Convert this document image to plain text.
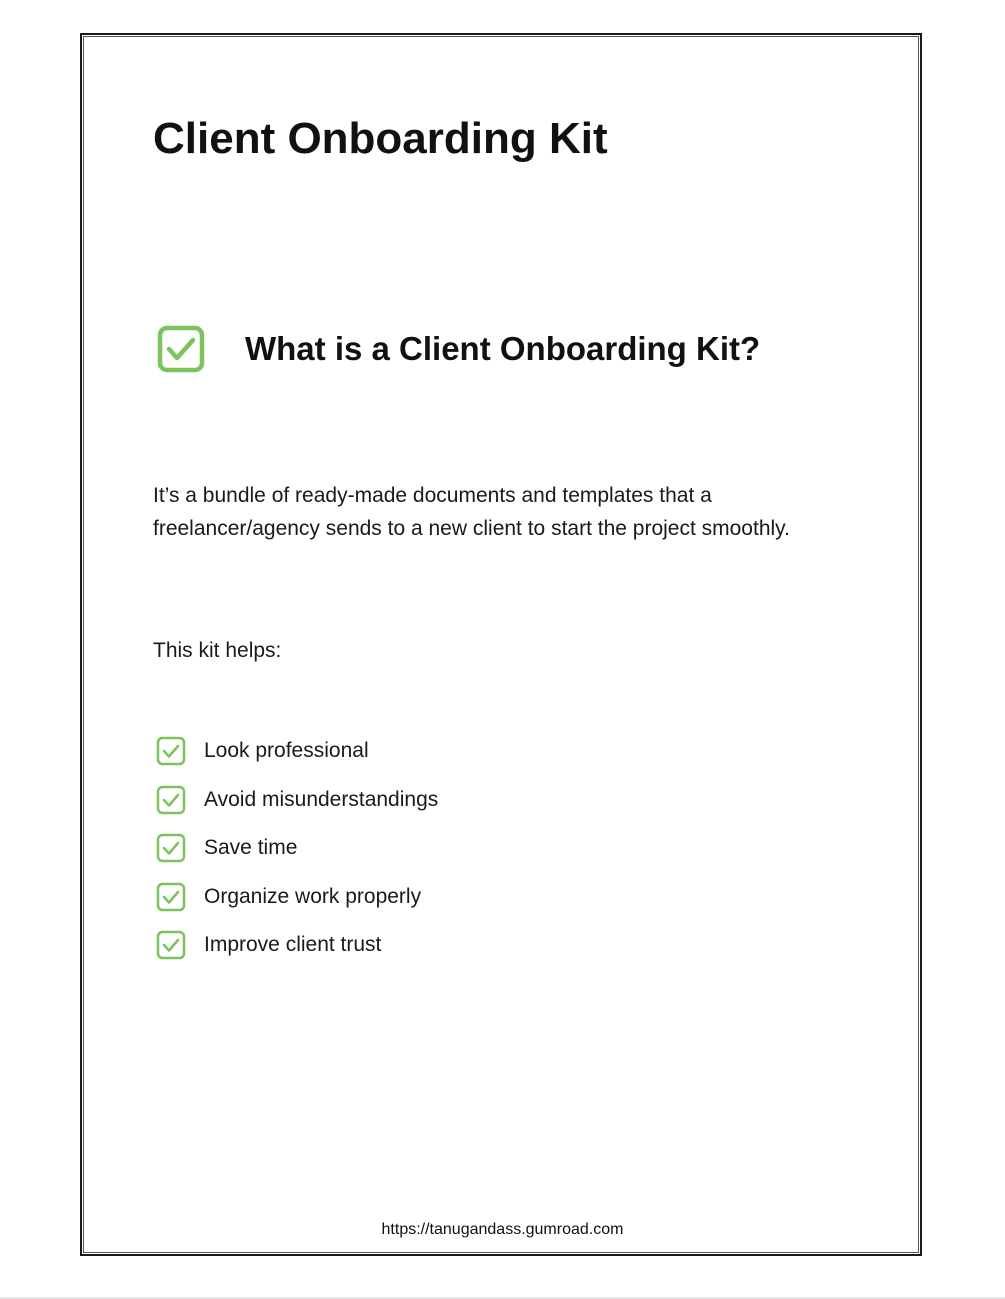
Client Onboarding Kit
What is a Client Onboarding Kit?

It’s a bundle of ready-made documents and templates that a freelancer/agency sends to a new client to start the project smoothly.

This kit helps:

Look professional
Avoid misunderstandings
Save time
Organize work properly
Improve client trust
https://tanugandass.gumroad.com
